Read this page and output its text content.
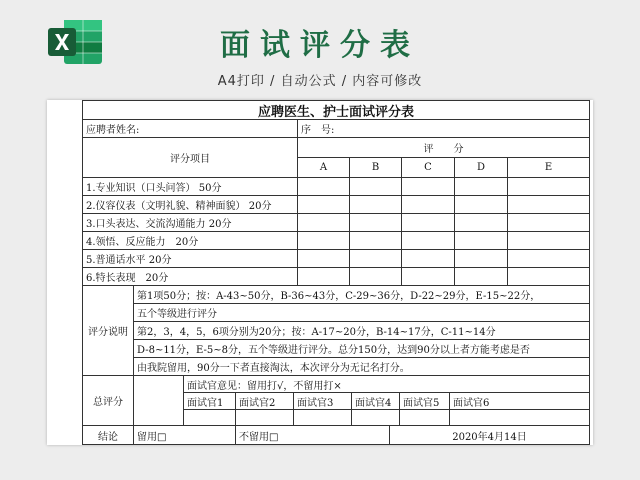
面试评分表
A4打印 / 自动公式 / 内容可修改
应聘医生、护士面试评分表
应聘者姓名:	序　号:
评分项目
评　　分
A	B	C	D	E
1.专业知识（口头问答） 50分
2.仪容仪表（文明礼貌、精神面貌） 20分
3.口头表达、交流沟通能力 20分
4.领悟、反应能力　20分
5.普通话水平 20分
6.特长表现　20分
评分说明
第1项50分；按：A-43~50分，B-36~43分，C-29~36分，D-22~29分，E-15~22分，
五个等级进行评分
第2，3，4，5，6项分别为20分；按：A-17~20分，B-14~17分，C-11~14分
D-8~11分，E-5~8分，五个等级进行评分。总分150分，达到90分以上者方能考虑是否
由我院留用，90分一下者直接淘汰，本次评分为无记名打分。
总评分
面试官意见：留用打√，不留用打×
面试官1	面试官2	面试官3	面试官4	面试官5	面试官6
结论	留用□	不留用□	2020年4月14日
